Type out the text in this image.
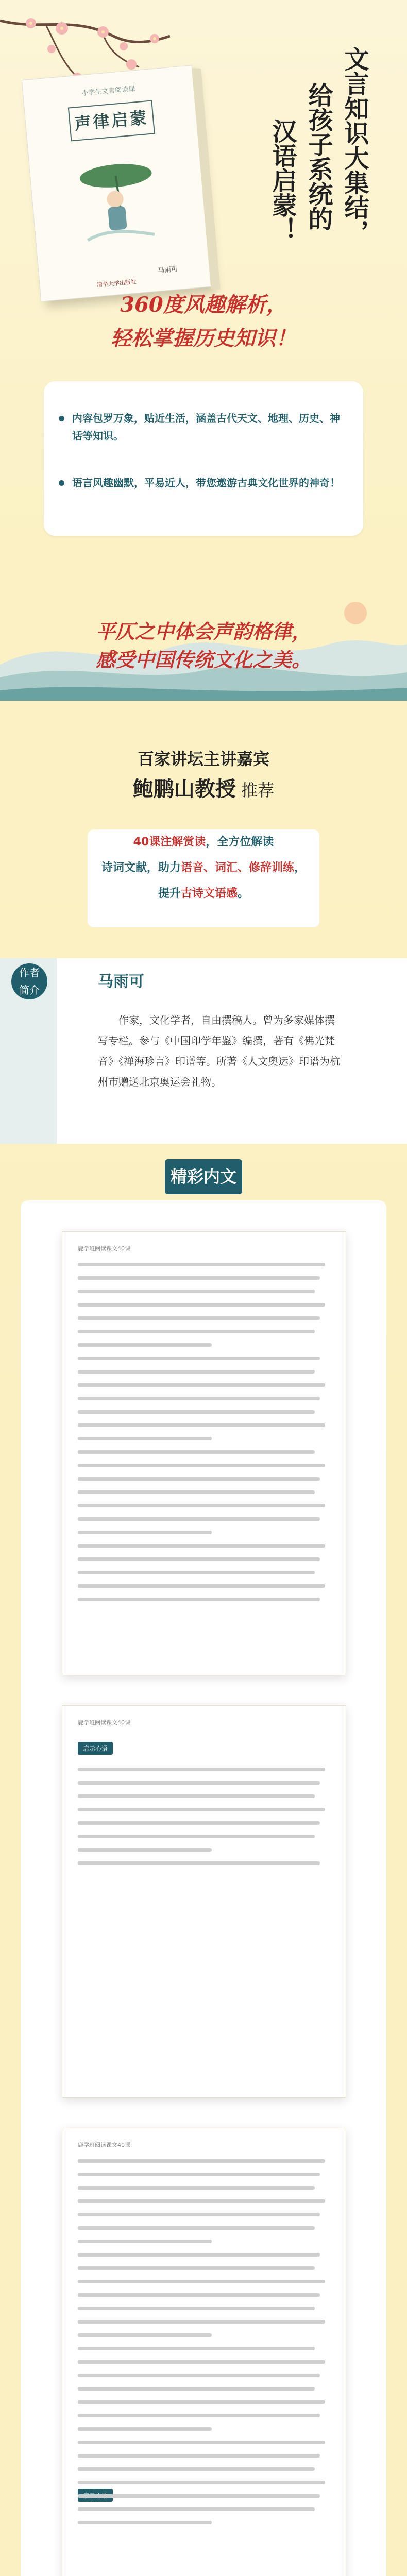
小学生文言阅读课
声律启蒙
马雨可
清华大学出版社
文言知识大集结，
给孩子系统的
汉语启蒙！
360度风趣解析，
轻松掌握历史知识！
内容包罗万象，贴近生活，涵盖古代天文、地理、历史、神话等知识。
语言风趣幽默，平易近人，带您遨游古典文化世界的神奇！
平仄之中体会声韵格律，
感受中国传统文化之美。
百家讲坛主讲嘉宾
鲍鹏山教授 推荐
40课注解赏读，全方位解读
诗词文献，助力语音、词汇、修辞训练，
提升古诗文语感。
作者
简介	马雨可
作家，文化学者，自由撰稿人。曾为多家媒体撰写专栏。参与《中国印学年鉴》编撰，著有《佛光梵音》《禅海珍言》印谱等。所著《人文奥运》印谱为杭州市赠送北京奥运会礼物。
精彩内文
鹿学班阅读课文40课
鹿学班阅读课文40课
启示心语
鹿学班阅读课文40课
